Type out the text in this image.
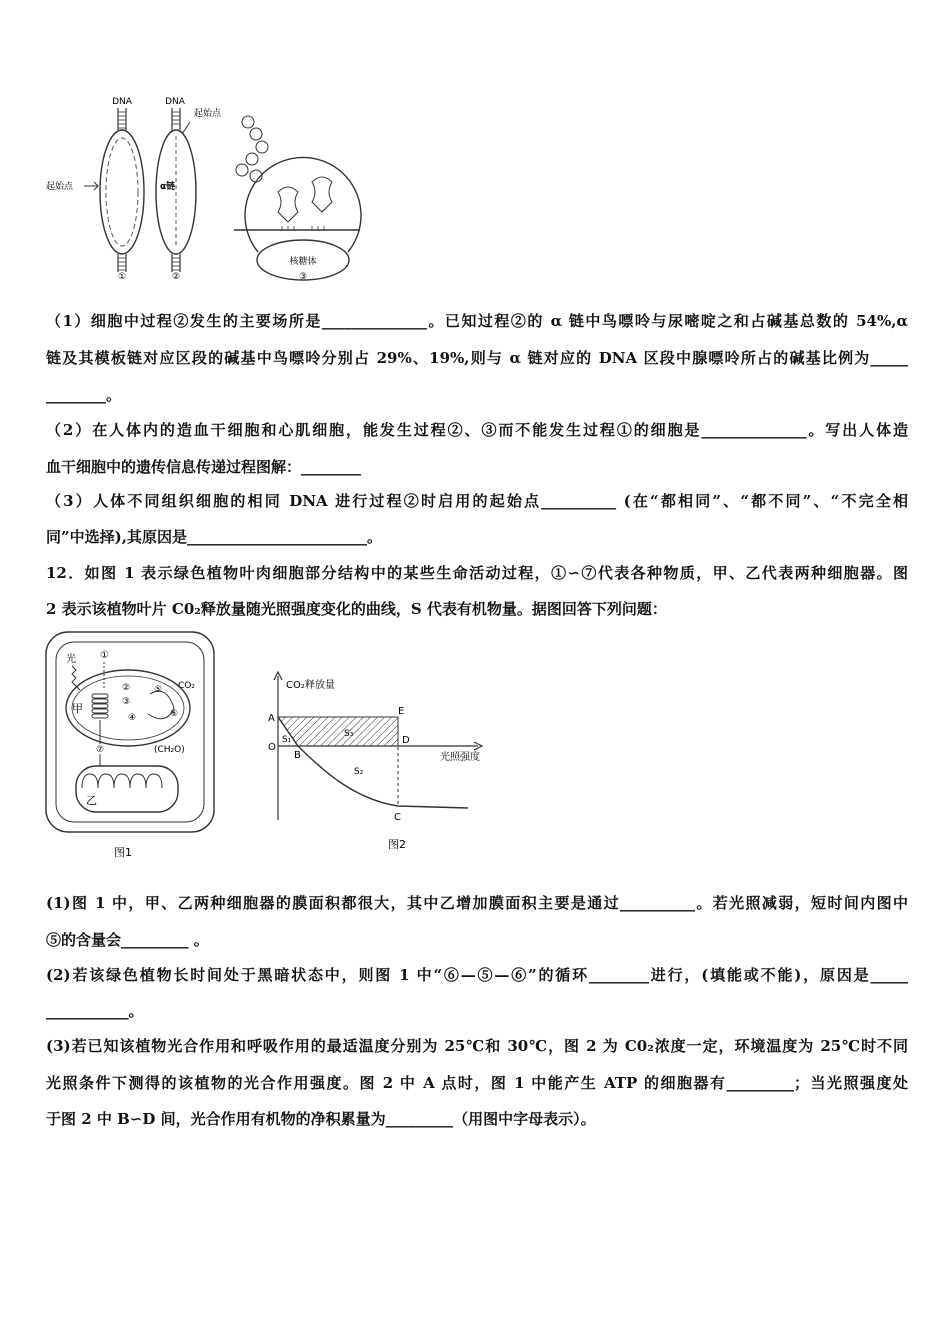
DNA
起始点
①
DNA
α链
起始点
②
核糖体
③
（1）细胞中过程②发生的主要场所是______________。已知过程②的 α 链中鸟嘌呤与尿嘧啶之和占碱基总数的 54%,α
链及其模板链对应区段的碱基中鸟嘌呤分别占 29%、19%,则与 α 链对应的 DNA 区段中腺嘌呤所占的碱基比例为_____
________。
（2）在人体内的造血干细胞和心肌细胞，能发生过程②、③而不能发生过程①的细胞是______________。写出人体造
血干细胞中的遗传信息传递过程图解：________
（3）人体不同组织细胞的相同 DNA 进行过程②时启用的起始点__________ (在“都相同”、“都不同”、“不完全相
同”中选择),其原因是________________________。
12．如图 1 表示绿色植物叶肉细胞部分结构中的某些生命活动过程，①∽⑦代表各种物质，甲、乙代表两种细胞器。图
2 表示该植物叶片 C0₂释放量随光照强度变化的曲线，S 代表有机物量。据图回答下列问题：
甲
光 ①
②
③
④
⑤
⑥
CO₂
(CH₂O)
⑦
乙
图1
CO₂释放量
光照强度
A
O
B
C
D
E
S₁
S₃
S₂
图2
(1)图 1 中，甲、乙两种细胞器的膜面积都很大，其中乙增加膜面积主要是通过__________。若光照减弱，短时间内图中
⑤的含量会_________ 。
(2)若该绿色植物长时间处于黑暗状态中，则图 1 中“⑥—⑤—⑥”的循环________进行，(填能或不能)，原因是_____
___________。
(3)若已知该植物光合作用和呼吸作用的最适温度分别为 25℃和 30℃，图 2 为 C0₂浓度一定，环境温度为 25℃时不同
光照条件下测得的该植物的光合作用强度。图 2 中 A 点时，图 1 中能产生 ATP 的细胞器有_________；当光照强度处
于图 2 中 B∽D 间，光合作用有机物的净积累量为_________（用图中字母表示）。
